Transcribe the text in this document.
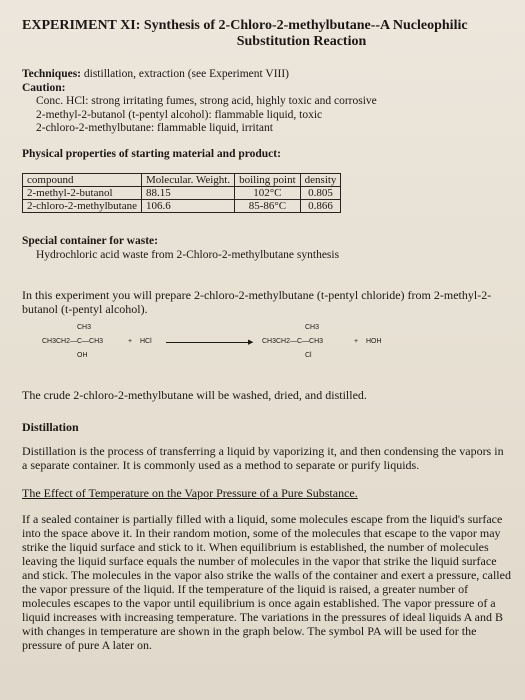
EXPERIMENT XI: Synthesis of 2-Chloro-2-methylbutane--A Nucleophilic
Substitution Reaction
Techniques: distillation, extraction (see Experiment VIII)
Caution:
Conc. HCl: strong irritating fumes, strong acid, highly toxic and corrosive
2-methyl-2-butanol (t-pentyl alcohol): flammable liquid, toxic
2-chloro-2-methylbutane: flammable liquid, irritant
Physical properties of starting material and product:
compound	Molecular. Weight.	boiling point	density
2-methyl-2-butanol	88.15	102°C	0.805
2-chloro-2-methylbutane	106.6	85-86°C	0.866
Special container for waste:
Hydrochloric acid waste from 2-Chloro-2-methylbutane synthesis
In this experiment you will prepare 2-chloro-2-methylbutane (t-pentyl chloride) from 2-methyl-2-butanol (t-pentyl alcohol).
CH3
CH3CH2—C—CH3
OH
+ HCl	▶
CH3
CH3CH2—C—CH3
Cl
+ HOH
The crude 2-chloro-2-methylbutane will be washed, dried, and distilled.
Distillation
Distillation is the process of transferring a liquid by vaporizing it, and then condensing the vapors in a separate container. It is commonly used as a method to separate or purify liquids.
The Effect of Temperature on the Vapor Pressure of a Pure Substance.
If a sealed container is partially filled with a liquid, some molecules escape from the liquid's surface into the space above it. In their random motion, some of the molecules that escape to the vapor may strike the liquid surface and stick to it. When equilibrium is established, the number of molecules leaving the liquid surface equals the number of molecules in the vapor that strike the liquid surface and stick. The molecules in the vapor also strike the walls of the container and exert a pressure, called the vapor pressure of the liquid. If the temperature of the liquid is raised, a greater number of molecules escapes to the vapor until equilibrium is once again established. The vapor pressure of a liquid increases with increasing temperature. The variations in the pressures of ideal liquids A and B with changes in temperature are shown in the graph below. The symbol PA will be used for the pressure of pure A later on.
